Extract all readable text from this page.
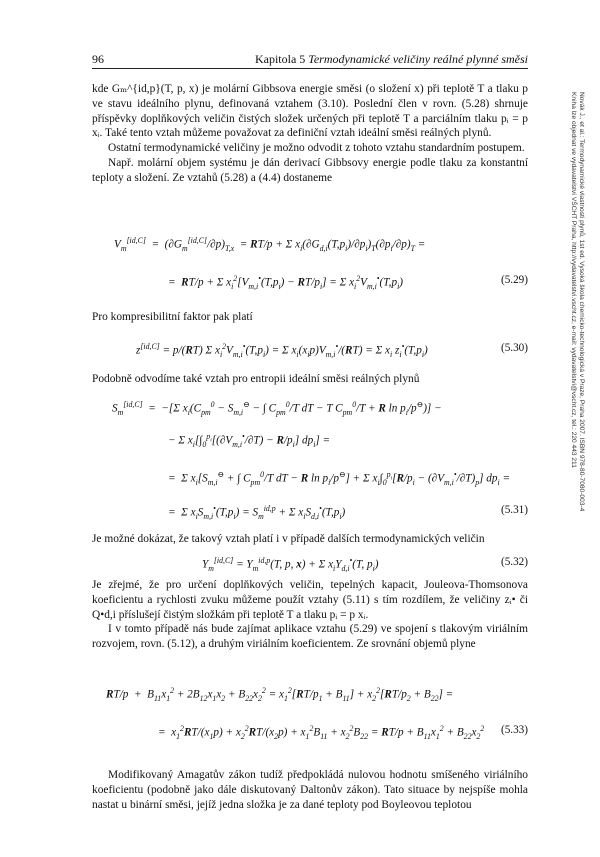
96	Kapitola 5 Termodynamické veličiny reálné plynné směsi
Novák J., et al.: Termodynamické vlastnosti plynů, 1st ed. Vysoká škola chemicko-technologická v Praze, Praha 2007. ISBN 978-80-7080-003-4
Kniha lze objednat ve vydavatelství VŠCHT Praha, http://vydavatelstvi.vscht.cz, e-mail: vydavatelstvi@vscht.cz, tel.: 220 443 211

kde Gₘ^{id,p}(T, p, x) je molární Gibbsova energie směsi (o složení x) při teplotě T a tlaku p ve stavu ideálního plynu, definovaná vztahem (3.10). Poslední člen v rovn. (5.28) shrnuje příspěvky doplňkových veličin čistých složek určených při teplotě T a parciálním tlaku pᵢ = p xᵢ. Také tento vztah můžeme považovat za definiční vztah ideální směsi reálných plynů.

Ostatní termodynamické veličiny je možno odvodit z tohoto vztahu standardním postupem.

Např. molární objem systému je dán derivací Gibbsovy energie podle tlaku za konstantní teploty a složení. Ze vztahů (5.28) a (4.4) dostaneme

$V_m[id,C] = (\partial G_m[id,C]/\partial p)_{T,x} = RT/p + \Sigma$ $x_i(\partial G_{d,i}(T,p_i)/\partial p_i)_T(\partial p_i/\partial p)_T$ =
=  RT/p + Σ $x_i^2[V_{m,i}^•(T,p_i) - RT/p_i] = \Sigma$ $x_i^2V_{m,i}^•(T,p_i)$	(5.29)

Pro kompresibilitní faktor pak platí

z[id,C] = p/(RT) Σ $x_i^2V_{m,i}^•(T,p_i) = \Sigma$ $x_i(x_ip)V_{m,i}^•/(RT) = \Sigma$ $x_i$ $z_i^•(T,p_i)$	(5.30)

Podobně odvodíme také vztah pro entropii ideální směsi reálných plynů

$S_m[id,C] = -[\Sigma$ $x_i(C_{pm}^0 - S_{m,i}^⊖$ − ∫ $C_{pm}^0/T$ dT − T $C_{pm}^0/T + R$ $\ln p_i/p^⊖$)] −
− Σ $x_i[\int_0^{p_i}[(\partial V_{m,i}^•/\partial T) - R/p_i] dp_i]$ =
=  Σ $x_i[S_{m,i}^⊖$ + ∫ $C_{pm}^0/T$ dT − R $\ln p_i/p^⊖] + \Sigma$ $x_i\int_0^{p_i}[R/p_i - (\partial V_{m,i}^•/\partial T)_p] dp_i$ =
=  Σ $x_iS_{m,i}^•(T,p_i) = S_m^{id,p} + \Sigma$ $x_iS_{d,i}^•(T,p_i)$	(5.31)

Je možné dokázat, že takový vztah platí i v případě dalších termodynamických veličin

$Y_m[id,C] = Y_m^{id,p}(T$, p, x) + Σ $x_iY_{d,i}^•(T$, $p_i$)	(5.32)

Je zřejmé, že pro určení doplňkových veličin, tepelných kapacit, Jouleova-Thomsonova koeficientu a rychlosti zvuku můžeme použít vztahy (5.11) s tím rozdílem, že veličiny zᵢ• či Q•d,i příslušejí čistým složkám při teplotě T a tlaku pᵢ = p xᵢ.

I v tomto případě nás bude zajímat aplikace vztahu (5.29) ve spojení s tlakovým viriálním rozvojem, rovn. (5.12), a druhým viriálním koeficientem. Ze srovnání objemů plyne

$RT/p + B_{11}x_1^2 + 2B_{12}x_1x_2 + B_{22}x_2^2 = x_1^2[RT/p_1 + B_{11}] + x_2^2[RT/p_2 + B_{22}]$ =
=  $x_1^2RT/(x_1p) + x_2^2RT/(x_2p) + x_1^2B_{11} + x_2^2B_{22} = RT/p + B_{11}x_1^2 + B_{22}x_2^2$ (5.33)

Modifikovaný Amagatův zákon tudíž předpokládá nulovou hodnotu smíšeného viriálního koeficientu (podobně jako dále diskutovaný Daltonův zákon). Tato situace by nejspíše mohla nastat u binární směsi, jejíž jedna složka je za dané teploty pod Boyleovou teplotou
